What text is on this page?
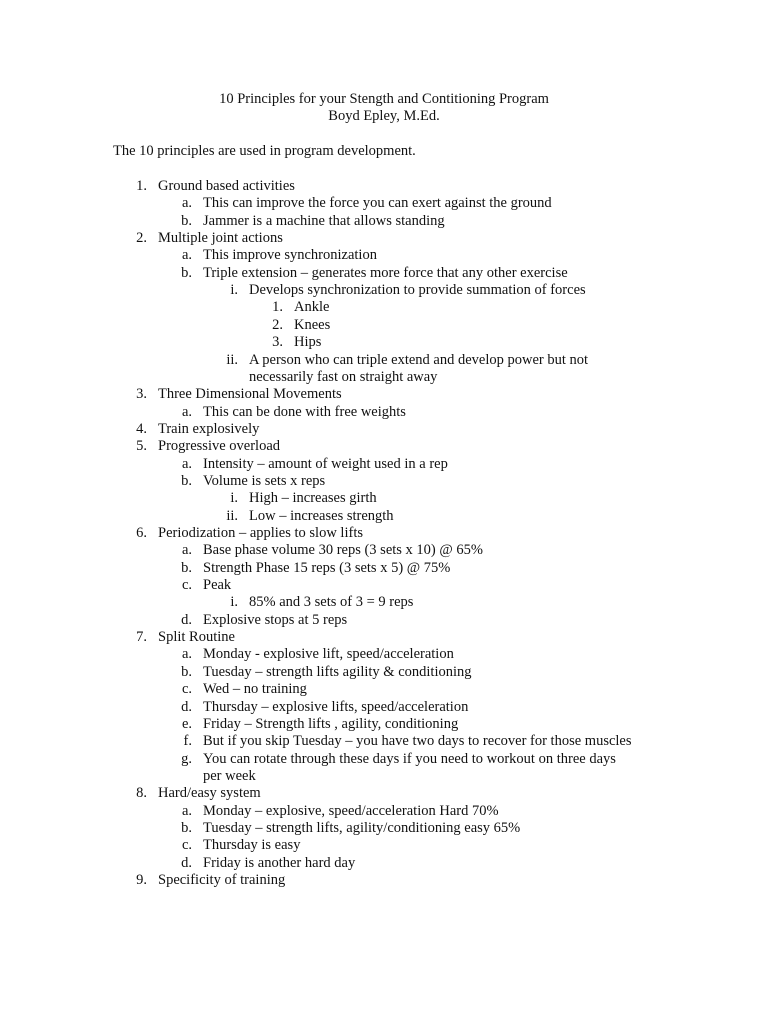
10 Principles for your Stength and Contitioning Program
Boyd Epley, M.Ed.
The 10 principles are used in program development.
1. Ground based activities
a. This can improve the force you can exert against the ground
b. Jammer is a machine that allows standing
2. Multiple joint actions
a. This improve synchronization
b. Triple extension – generates more force that any other exercise
i. Develops synchronization to provide summation of forces
1. Ankle
2. Knees
3. Hips
ii. A person who can triple extend and develop power but not
necessarily fast on straight away
3. Three Dimensional Movements
a. This can be done with free weights
4. Train explosively
5. Progressive overload
a. Intensity – amount of weight used in a rep
b. Volume is sets x reps
i. High – increases girth
ii. Low – increases strength
6. Periodization – applies to slow lifts
a. Base phase volume 30 reps (3 sets x 10) @ 65%
b. Strength Phase 15 reps (3 sets x 5) @ 75%
c. Peak
i. 85% and 3 sets of 3 = 9 reps
d. Explosive stops at 5 reps
7. Split Routine
a. Monday - explosive lift, speed/acceleration
b. Tuesday – strength lifts agility & conditioning
c. Wed – no training
d. Thursday – explosive lifts, speed/acceleration
e. Friday – Strength lifts , agility, conditioning
f. But if you skip Tuesday – you have two days to recover for those muscles
g. You can rotate through these days if you need to workout on three days
per week
8. Hard/easy system
a. Monday – explosive, speed/acceleration Hard 70%
b. Tuesday – strength lifts, agility/conditioning easy 65%
c. Thursday is easy
d. Friday is another hard day
9. Specificity of training
